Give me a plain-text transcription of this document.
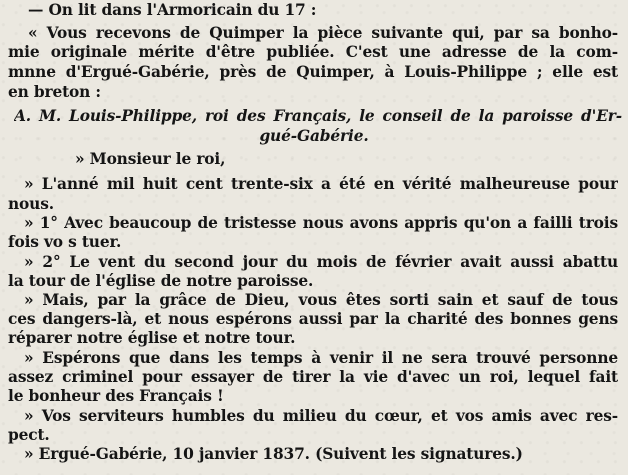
— On lit dans l'Armoricain du 17 :
« Vous recevons de Quimper la pièce suivante qui, par sa bonho-
mie originale mérite d'être publiée. C'est une adresse de la com-
mnne d'Ergué-Gabérie, près de Quimper, à Louis-Philippe ; elle est
en breton :
A. M. Louis-Philippe, roi des Français, le conseil de la paroisse d'Er-
gué-Gabérie.
» Monsieur le roi,
» L'anné mil huit cent trente-six a été en vérité malheureuse pour
nous.
» 1° Avec beaucoup de tristesse nous avons appris qu'on a failli trois
fois vo s tuer.
» 2° Le vent du second jour du mois de février avait aussi abattu
la tour de l'église de notre paroisse.
» Mais, par la grâce de Dieu, vous êtes sorti sain et sauf de tous
ces dangers-là, et nous espérons aussi par la charité des bonnes gens
réparer notre église et notre tour.
» Espérons que dans les temps à venir il ne sera trouvé personne
assez criminel pour essayer de tirer la vie d'avec un roi, lequel fait
le bonheur des Français !
» Vos serviteurs humbles du milieu du cœur, et vos amis avec res-
pect.
» Ergué-Gabérie, 10 janvier 1837. (Suivent les signatures.)
